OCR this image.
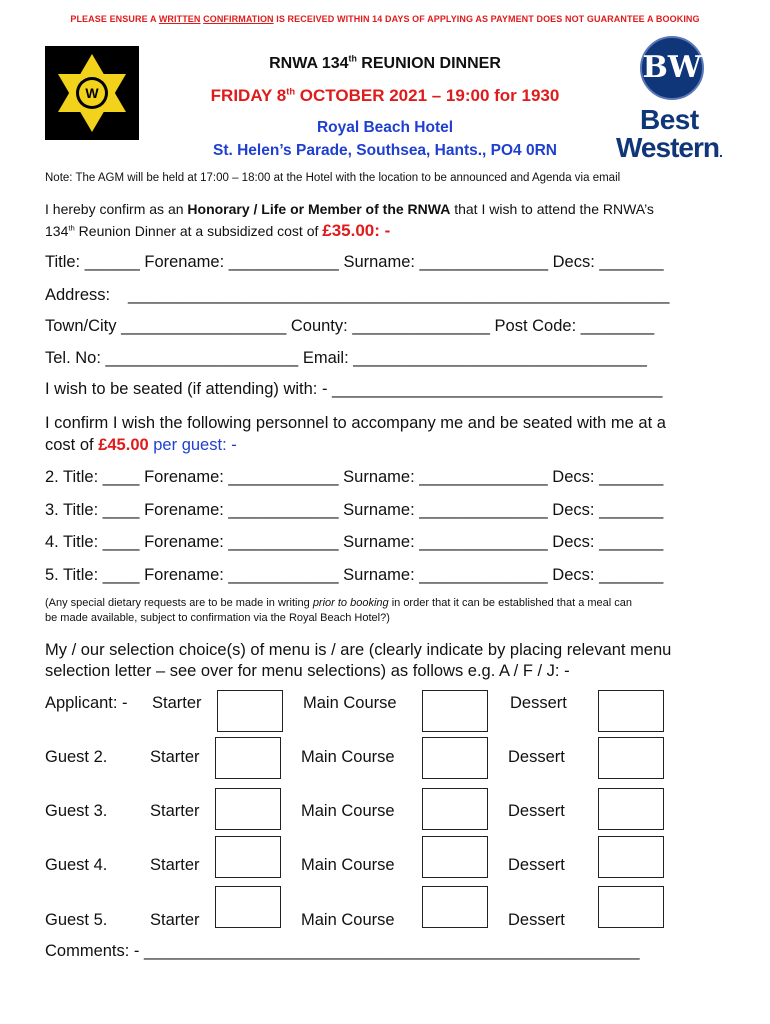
PLEASE ENSURE A WRITTEN CONFIRMATION IS RECEIVED WITHIN 14 DAYS OF APPLYING AS PAYMENT DOES NOT GUARANTEE A BOOKING
W
RNWA 134th REUNION DINNER
FRIDAY 8th OCTOBER 2021 – 19:00 for 1930
Royal Beach Hotel
St. Helen’s Parade, Southsea, Hants., PO4 0RN
BW
Best
Western.
Note: The AGM will be held at 17:00 – 18:00 at the Hotel with the location to be announced and Agenda via email
I hereby confirm as an Honorary / Life or Member of the RNWA that I wish to attend the RNWA’s
134th Reunion Dinner at a subsidized cost of £35.00: -
Title: ______ Forename: ____________ Surname: ______________ Decs: _______
Address: ___________________________________________________________
Town/City __________________ County: _______________ Post Code: ________
Tel. No: _____________________ Email: ________________________________
I wish to be seated (if attending) with: - ____________________________________
I confirm I wish the following personnel to accompany me and be seated with me at a
cost of £45.00 per guest: -
2. Title: ____ Forename: ____________ Surname: ______________ Decs: _______
3. Title: ____ Forename: ____________ Surname: ______________ Decs: _______
4. Title: ____ Forename: ____________ Surname: ______________ Decs: _______
5. Title: ____ Forename: ____________ Surname: ______________ Decs: _______
(Any special dietary requests are to be made in writing prior to booking in order that it can be established that a meal can
be made available, subject to confirmation via the Royal Beach Hotel?)
My / our selection choice(s) of menu is / are (clearly indicate by placing relevant menu
selection letter – see over for menu selections) as follows e.g. A / F / J: -
Applicant: - Starter	Main Course	Dessert
Guest 2.	Starter	Main Course	Dessert
Guest 3.	Starter	Main Course	Dessert
Guest 4.	Starter	Main Course	Dessert
Guest 5.	Starter	Main Course	Dessert
Comments: - ______________________________________________________
